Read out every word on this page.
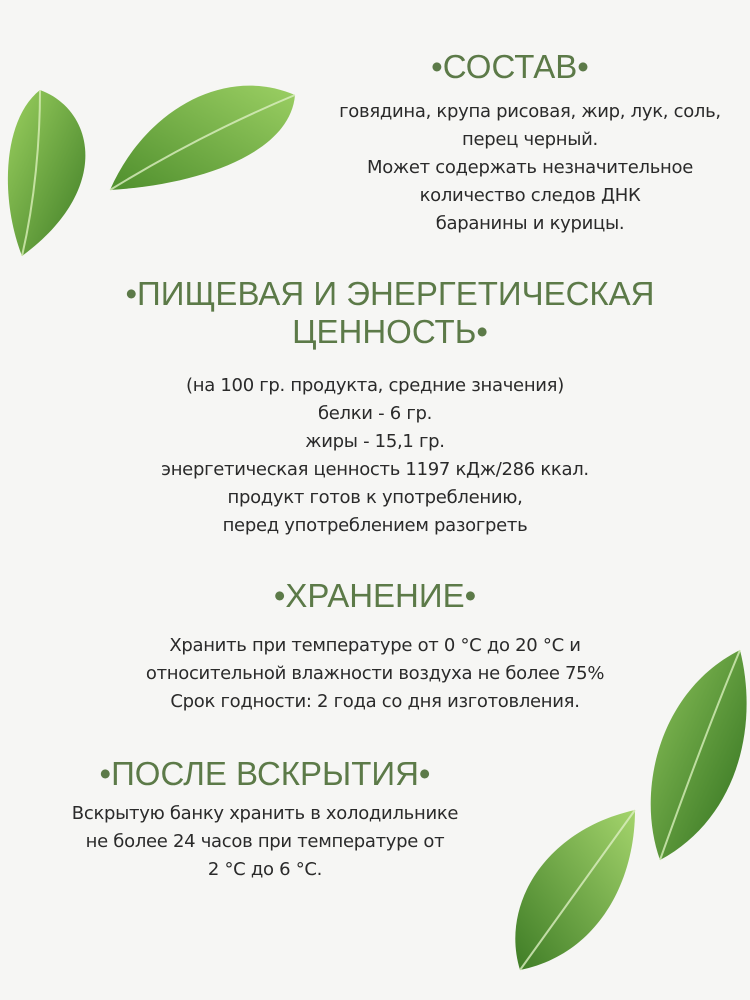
•СОСТАВ•
говядина, крупа рисовая, жир, лук, соль,
перец черный.
Может содержать незначительное
количество следов ДНК
баранины и курицы.
•ПИЩЕВАЯ И ЭНЕРГЕТИЧЕСКАЯ
ЦЕННОСТЬ•
(на 100 гр. продукта, средние значения)
белки - 6 гр.
жиры - 15,1 гр.
энергетическая ценность 1197 кДж/286 ккал.
продукт готов к употреблению,
перед употреблением разогреть
•ХРАНЕНИЕ•
Хранить при температуре от 0 °С до 20 °С и
относительной влажности воздуха не более 75%
Срок годности: 2 года со дня изготовления.
•ПОСЛЕ ВСКРЫТИЯ•
Вскрытую банку хранить в холодильнике
не более 24 часов при температуре от
2 °С до 6 °С.
